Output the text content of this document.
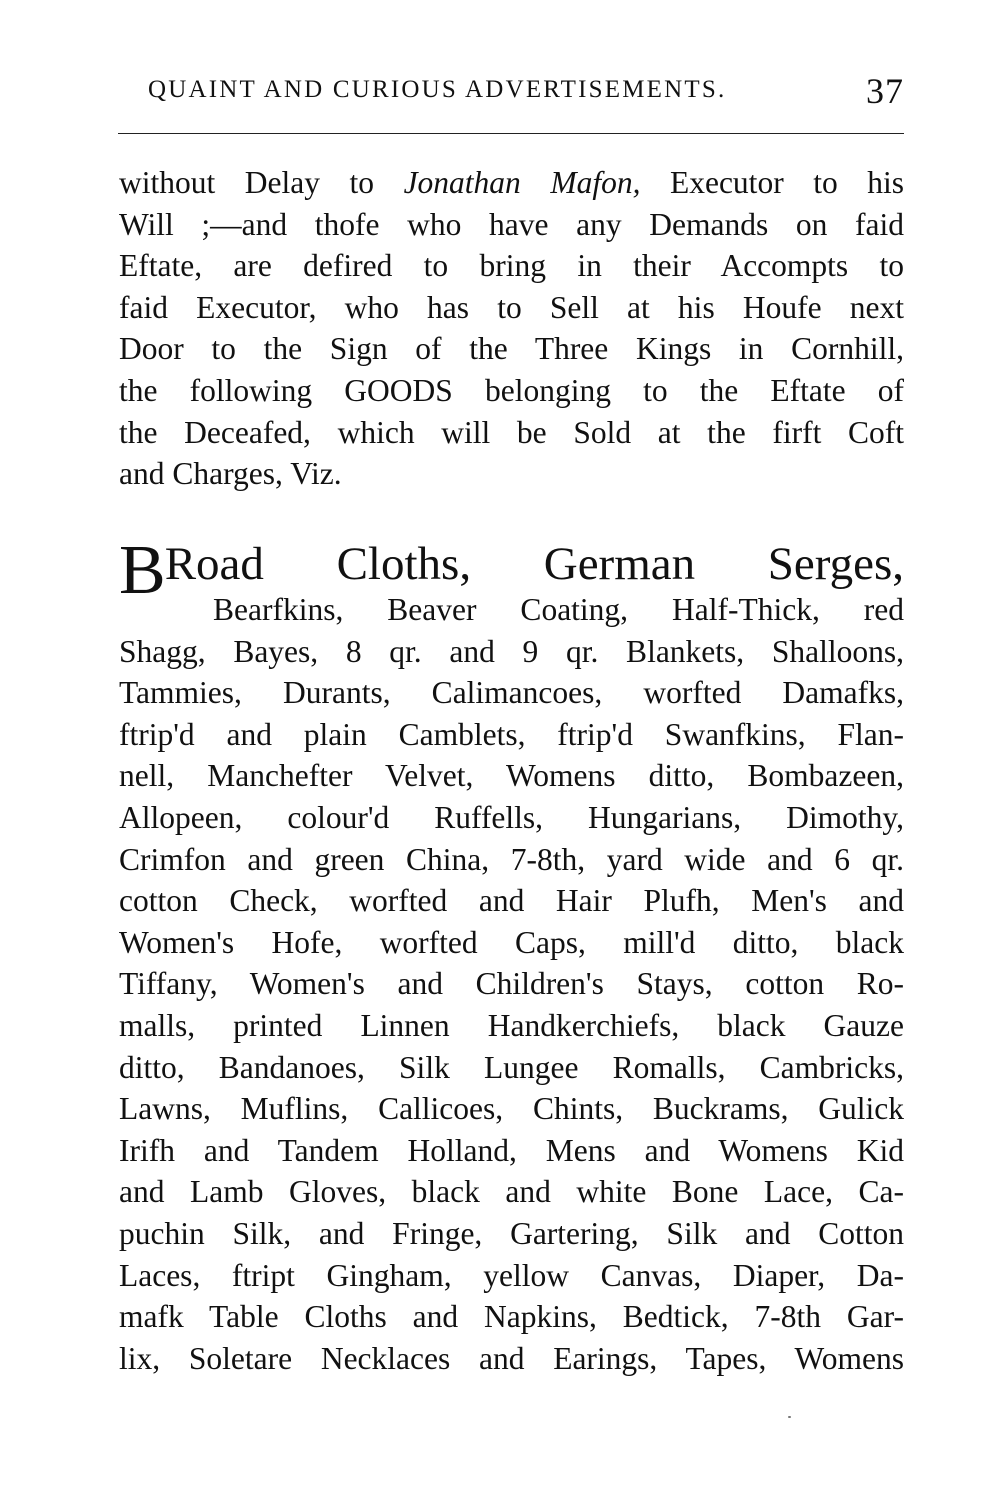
QUAINT AND CURIOUS ADVERTISEMENTS.	37
without Delay to Jonathan Mafon, Executor to his
Will ;—and thofe who have any Demands on faid
Eftate, are defired to bring in their Accompts to
faid Executor, who has to Sell at his Houfe next
Door to the Sign of the Three Kings in Cornhill,
the following GOODS belonging to the Eftate of
the Deceafed, which will be Sold at the firft Coft
and Charges, Viz.
BRoad Cloths, German Serges,
Bearfkins, Beaver Coating, Half-Thick, red
Shagg, Bayes, 8 qr. and 9 qr. Blankets, Shalloons,
Tammies, Durants, Calimancoes, worfted Damafks,
ftrip'd and plain Camblets, ftrip'd Swanfkins, Flan-
nell, Manchefter Velvet, Womens ditto, Bombazeen,
Allopeen, colour'd Ruffells, Hungarians, Dimothy,
Crimfon and green China, 7-8th, yard wide and 6 qr.
cotton Check, worfted and Hair Plufh, Men's and
Women's Hofe, worfted Caps, mill'd ditto, black
Tiffany, Women's and Children's Stays, cotton Ro-
malls, printed Linnen Handkerchiefs, black Gauze
ditto, Bandanoes, Silk Lungee Romalls, Cambricks,
Lawns, Muflins, Callicoes, Chints, Buckrams, Gulick
Irifh and Tandem Holland, Mens and Womens Kid
and Lamb Gloves, black and white Bone Lace, Ca-
puchin Silk, and Fringe, Gartering, Silk and Cotton
Laces, ftript Gingham, yellow Canvas, Diaper, Da-
mafk Table Cloths and Napkins, Bedtick, 7-8th Gar-
lix, Soletare Necklaces and Earings, Tapes, Womens
